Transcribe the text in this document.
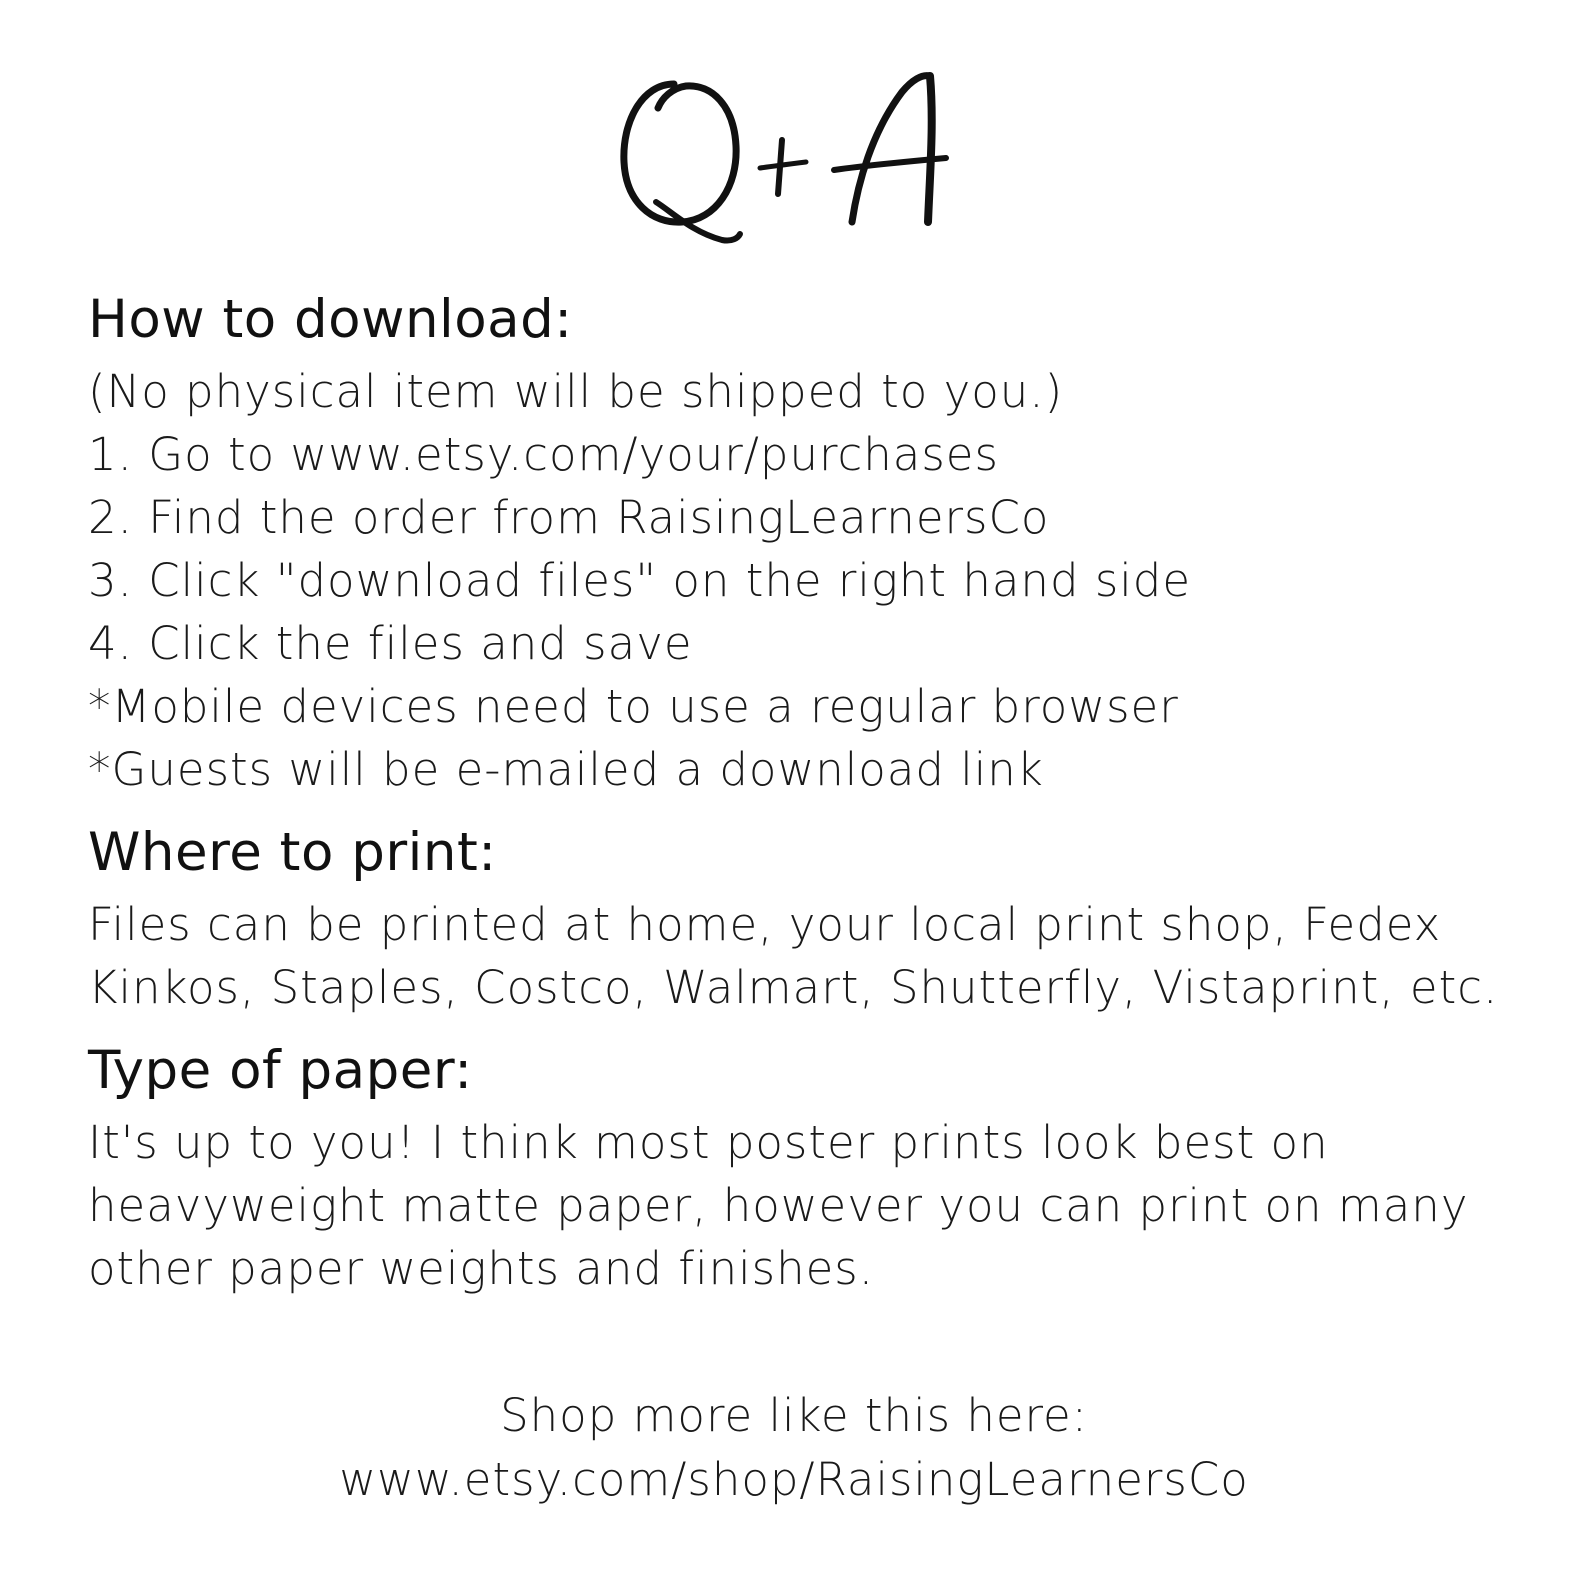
How to download:

(No physical item will be shipped to you.)

1. Go to www.etsy.com/your/purchases

2. Find the order from RaisingLearnersCo

3. Click "download files" on the right hand side

4. Click the files and save

*Mobile devices need to use a regular browser

*Guests will be e-mailed a download link

Where to print:

Files can be printed at home, your local print shop, Fedex

Kinkos, Staples, Costco, Walmart, Shutterfly, Vistaprint, etc.

Type of paper:

It's up to you! I think most poster prints look best on

heavyweight matte paper, however you can print on many

other paper weights and finishes.

Shop more like this here:

www.etsy.com/shop/RaisingLearnersCo
